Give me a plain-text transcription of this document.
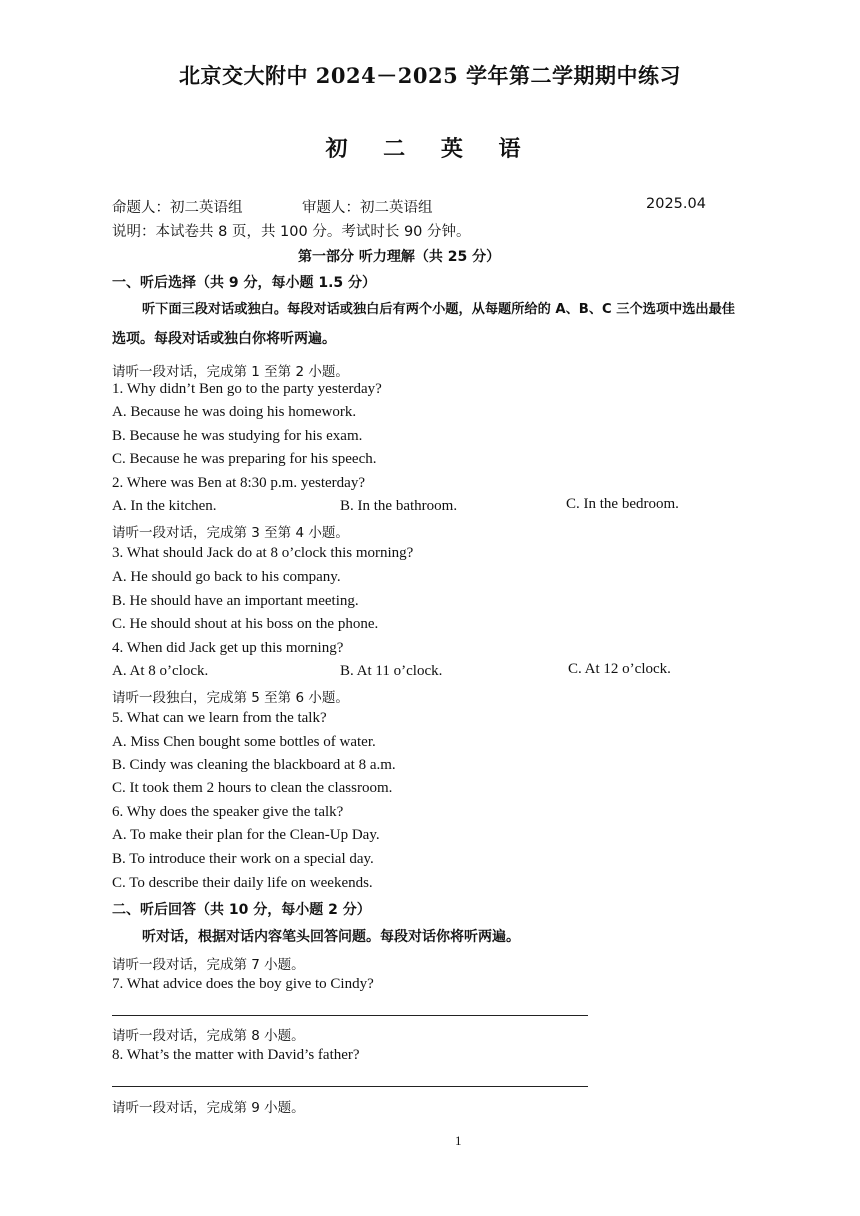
北京交大附中 2024－2025 学年第二学期期中练习
初 二 英 语
命题人：初二英语组	审题人：初二英语组	2025.04
说明：本试卷共 8 页，共 100 分。考试时长 90 分钟。
第一部分 听力理解（共 25 分）
一、听后选择（共 9 分，每小题 1.5 分）
听下面三段对话或独白。每段对话或独白后有两个小题，从每题所给的 A、B、C 三个选项中选出最佳
选项。每段对话或独白你将听两遍。
请听一段对话，完成第 1 至第 2 小题。
1. Why didn’t Ben go to the party yesterday?
A. Because he was doing his homework.
B. Because he was studying for his exam.
C. Because he was preparing for his speech.
2. Where was Ben at 8:30 p.m. yesterday?
A. In the kitchen.	B. In the bathroom.	C. In the bedroom.
请听一段对话，完成第 3 至第 4 小题。
3. What should Jack do at 8 o’clock this morning?
A. He should go back to his company.
B. He should have an important meeting.
C. He should shout at his boss on the phone.
4. When did Jack get up this morning?
A. At 8 o’clock.	B. At 11 o’clock.	C. At 12 o’clock.
请听一段独白，完成第 5 至第 6 小题。
5. What can we learn from the talk?
A. Miss Chen bought some bottles of water.
B. Cindy was cleaning the blackboard at 8 a.m.
C. It took them 2 hours to clean the classroom.
6. Why does the speaker give the talk?
A. To make their plan for the Clean-Up Day.
B. To introduce their work on a special day.
C. To describe their daily life on weekends.
二、听后回答（共 10 分，每小题 2 分）
听对话，根据对话内容笔头回答问题。每段对话你将听两遍。
请听一段对话，完成第 7 小题。
7. What advice does the boy give to Cindy?
请听一段对话，完成第 8 小题。
8. What’s the matter with David’s father?
请听一段对话，完成第 9 小题。
1
